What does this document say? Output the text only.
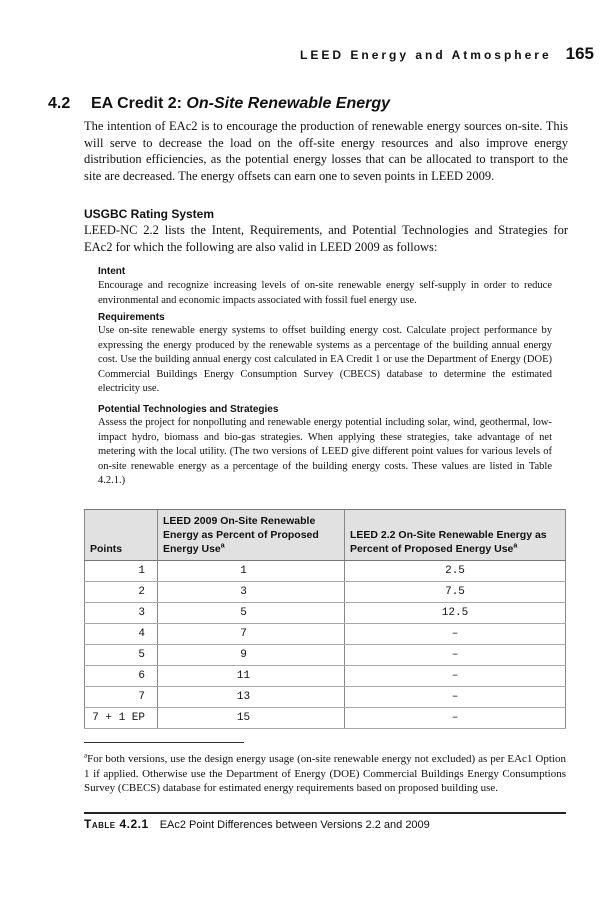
LEED Energy and Atmosphere 165
4.2 EA Credit 2: On-Site Renewable Energy

The intention of EAc2 is to encourage the production of renewable energy sources on-site. This will serve to decrease the load on the off-site energy resources and also improve energy distribution efficiencies, as the potential energy losses that can be allocated to transport to the site are decreased. The energy offsets can earn one to seven points in LEED 2009.

USGBC Rating System

LEED-NC 2.2 lists the Intent, Requirements, and Potential Technologies and Strategies for EAc2 for which the following are also valid in LEED 2009 as follows:

Intent

Encourage and recognize increasing levels of on-site renewable energy self-supply in order to reduce environmental and economic impacts associated with fossil fuel energy use.

Requirements

Use on-site renewable energy systems to offset building energy cost. Calculate project performance by expressing the energy produced by the renewable systems as a percentage of the building annual energy cost. Use the building annual energy cost calculated in EA Credit 1 or use the Department of Energy (DOE) Commercial Buildings Energy Consumption Survey (CBECS) database to determine the estimated electricity use.

Potential Technologies and Strategies

Assess the project for nonpolluting and renewable energy potential including solar, wind, geothermal, low-impact hydro, biomass and bio-gas strategies. When applying these strategies, take advantage of net metering with the local utility. (The two versions of LEED give different point values for various levels of on-site renewable energy as a percentage of the building energy costs. These values are listed in Table 4.2.1.)

Points	LEED 2009 On-Site Renewable Energy as Percent of Proposed Energy Use$^a$	LEED 2.2 On-Site Renewable Energy as Percent of Proposed Energy Use$^a$
1	1	2.5
2	3	7.5
3	5	12.5
4	7	–
5	9	–
6	11	–
7	13	–
7 + 1 EP	15	–

$^a$For both versions, use the design energy usage (on-site renewable energy not excluded) as per EAc1 Option 1 if applied. Otherwise use the Department of Energy (DOE) Commercial Buildings Energy Consumptions Survey (CBECS) database for estimated energy requirements based on proposed building use.

Table 4.2.1 EAc2 Point Differences between Versions 2.2 and 2009
